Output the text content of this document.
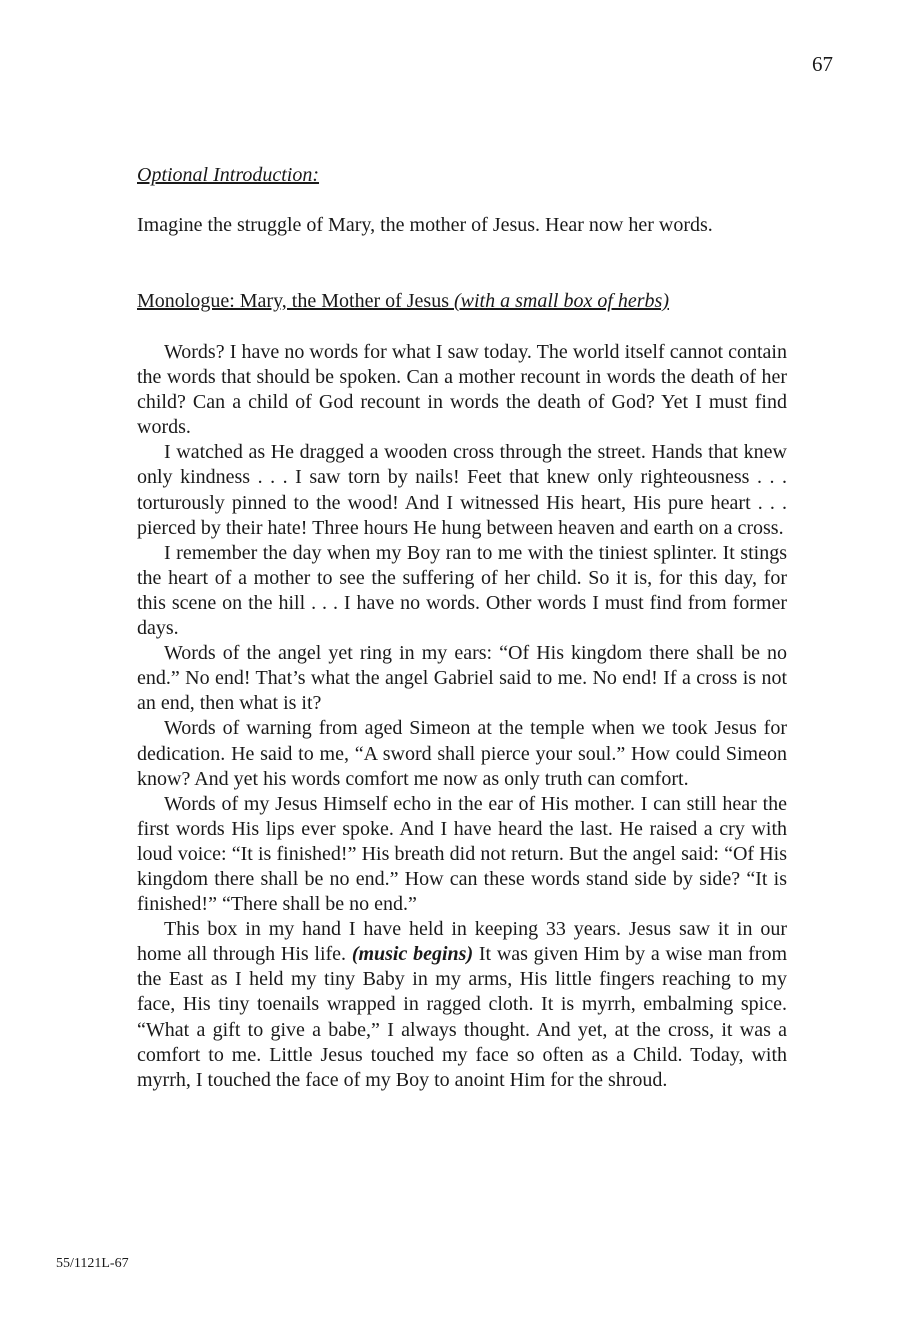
67
Optional Introduction:
Imagine the struggle of Mary, the mother of Jesus. Hear now her words.
Monologue: Mary, the Mother of Jesus (with a small box of herbs)

Words? I have no words for what I saw today. The world itself cannot contain the words that should be spoken. Can a mother recount in words the death of her child? Can a child of God recount in words the death of God? Yet I must find words.

I watched as He dragged a wooden cross through the street. Hands that knew only kindness . . . I saw torn by nails! Feet that knew only righteousness . . . torturously pinned to the wood! And I witnessed His heart, His pure heart . . . pierced by their hate! Three hours He hung between heaven and earth on a cross.

I remember the day when my Boy ran to me with the tiniest splinter. It stings the heart of a mother to see the suffering of her child. So it is, for this day, for this scene on the hill . . . I have no words. Other words I must find from former days.

Words of the angel yet ring in my ears: “Of His kingdom there shall be no end.” No end! That’s what the angel Gabriel said to me. No end! If a cross is not an end, then what is it?

Words of warning from aged Simeon at the temple when we took Jesus for dedication. He said to me, “A sword shall pierce your soul.” How could Simeon know? And yet his words comfort me now as only truth can comfort.

Words of my Jesus Himself echo in the ear of His mother. I can still hear the first words His lips ever spoke. And I have heard the last. He raised a cry with loud voice: “It is finished!” His breath did not return. But the angel said: “Of His kingdom there shall be no end.” How can these words stand side by side? “It is finished!” “There shall be no end.”

This box in my hand I have held in keeping 33 years. Jesus saw it in our home all through His life. (music begins) It was given Him by a wise man from the East as I held my tiny Baby in my arms, His little fingers reaching to my face, His tiny toenails wrapped in ragged cloth. It is myrrh, embalming spice. “What a gift to give a babe,” I always thought. And yet, at the cross, it was a comfort to me. Little Jesus touched my face so often as a Child. Today, with myrrh, I touched the face of my Boy to anoint Him for the shroud.

55/1121L-67
